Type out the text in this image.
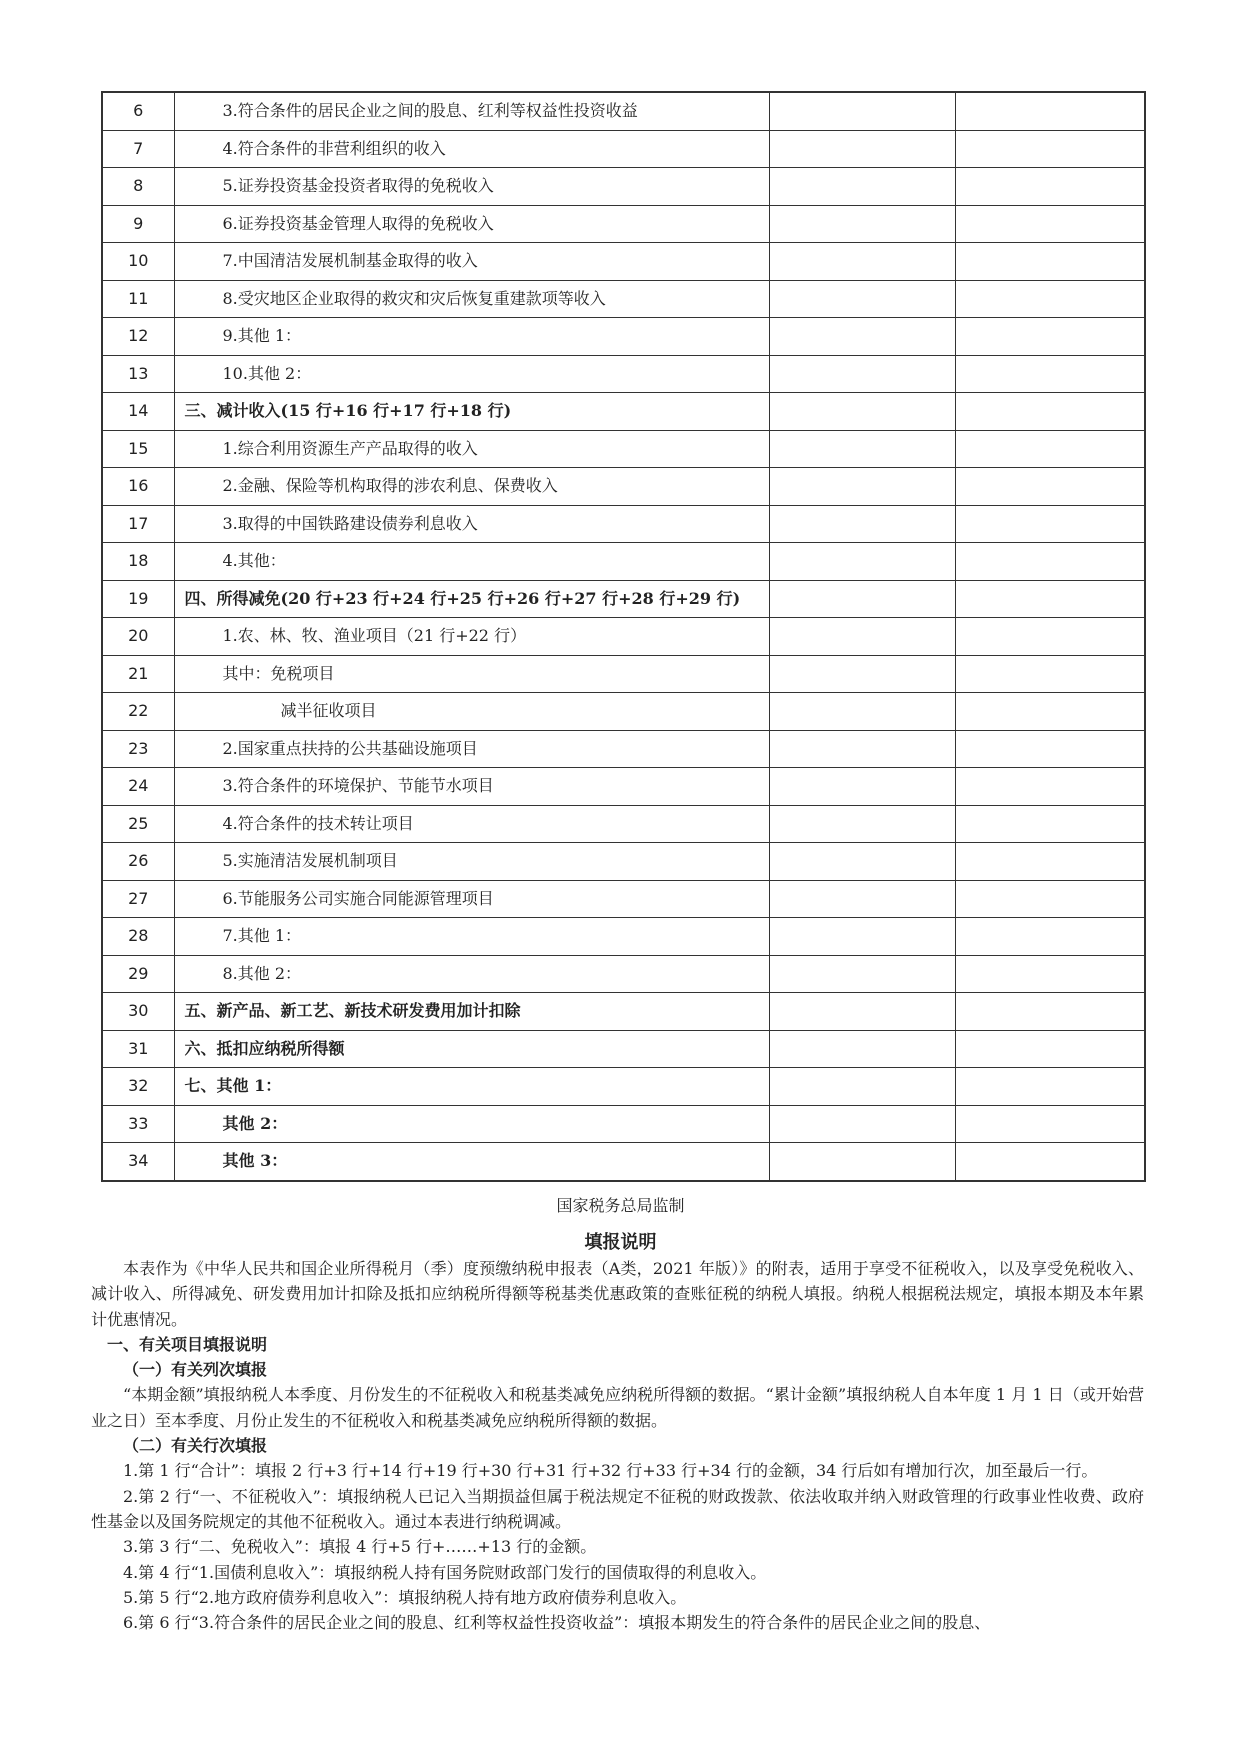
6	3.符合条件的居民企业之间的股息、红利等权益性投资收益		
7	4.符合条件的非营利组织的收入		
8	5.证券投资基金投资者取得的免税收入		
9	6.证券投资基金管理人取得的免税收入		
10	7.中国清洁发展机制基金取得的收入		
11	8.受灾地区企业取得的救灾和灾后恢复重建款项等收入		
12	9.其他 1：		
13	10.其他 2：		
14	三、减计收入(15 行+16 行+17 行+18 行)		
15	1.综合利用资源生产产品取得的收入		
16	2.金融、保险等机构取得的涉农利息、保费收入		
17	3.取得的中国铁路建设债券利息收入		
18	4.其他：		
19	四、所得减免(20 行+23 行+24 行+25 行+26 行+27 行+28 行+29 行)		
20	1.农、林、牧、渔业项目（21 行+22 行）		
21	其中：免税项目		
22	减半征收项目		
23	2.国家重点扶持的公共基础设施项目		
24	3.符合条件的环境保护、节能节水项目		
25	4.符合条件的技术转让项目		
26	5.实施清洁发展机制项目		
27	6.节能服务公司实施合同能源管理项目		
28	7.其他 1：		
29	8.其他 2：		
30	五、新产品、新工艺、新技术研发费用加计扣除		
31	六、抵扣应纳税所得额		
32	七、其他 1：		
33	其他 2：		
34	其他 3：		
国家税务总局监制
填报说明

本表作为《中华人民共和国企业所得税月（季）度预缴纳税申报表（A类，2021 年版）》的附表，适用于享受不征税收入，以及享受免税收入、减计收入、所得减免、研发费用加计扣除及抵扣应纳税所得额等税基类优惠政策的查账征税的纳税人填报。纳税人根据税法规定，填报本期及本年累计优惠情况。

一、有关项目填报说明

（一）有关列次填报

“本期金额”填报纳税人本季度、月份发生的不征税收入和税基类减免应纳税所得额的数据。“累计金额”填报纳税人自本年度 1 月 1 日（或开始营业之日）至本季度、月份止发生的不征税收入和税基类减免应纳税所得额的数据。

（二）有关行次填报

1.第 1 行“合计”：填报 2 行+3 行+14 行+19 行+30 行+31 行+32 行+33 行+34 行的金额，34 行后如有增加行次，加至最后一行。

2.第 2 行“一、不征税收入”：填报纳税人已记入当期损益但属于税法规定不征税的财政拨款、依法收取并纳入财政管理的行政事业性收费、政府性基金以及国务院规定的其他不征税收入。通过本表进行纳税调减。

3.第 3 行“二、免税收入”：填报 4 行+5 行+……+13 行的金额。

4.第 4 行“1.国债利息收入”：填报纳税人持有国务院财政部门发行的国债取得的利息收入。

5.第 5 行“2.地方政府债券利息收入”：填报纳税人持有地方政府债券利息收入。

6.第 6 行“3.符合条件的居民企业之间的股息、红利等权益性投资收益”：填报本期发生的符合条件的居民企业之间的股息、
